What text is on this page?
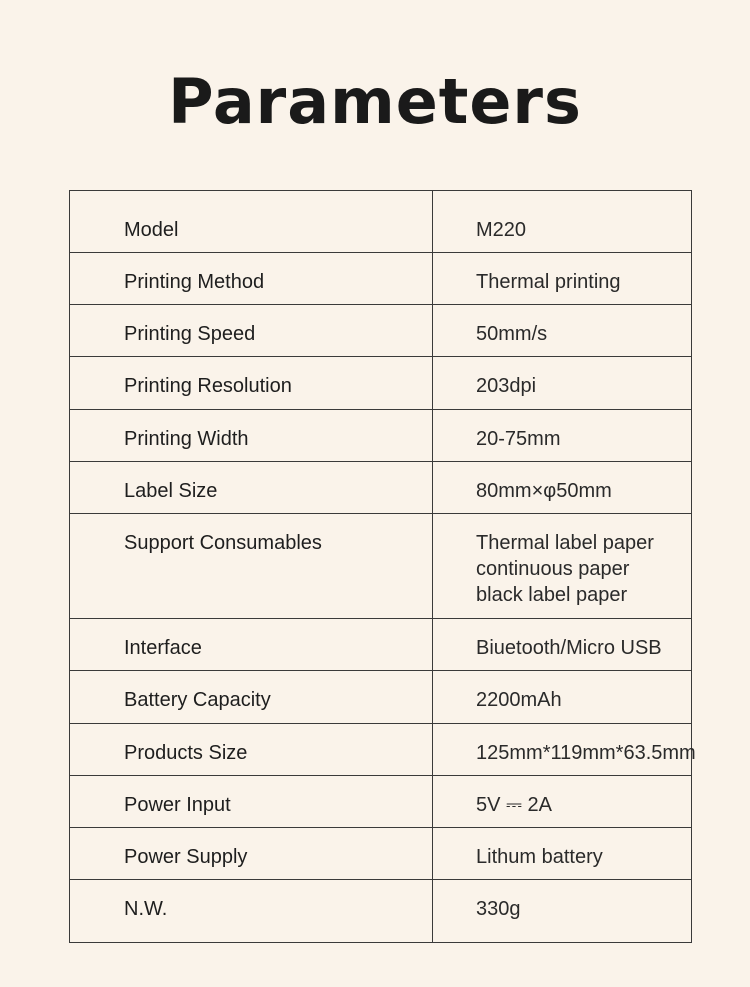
Parameters
Model	M220

Printing Method	Thermal printing

Printing Speed	50mm/s

Printing Resolution	203dpi

Printing Width	20-75mm

Label Size	80mm×φ50mm

Support Consumables	Thermal label paper
continuous paper
black label paper

Interface	Biuetooth/Micro USB

Battery Capacity	2200mAh

Products Size	125mm*119mm*63.5mm

Power Input	5V ⎓ 2A

Power Supply	Lithum battery

N.W.	330g
